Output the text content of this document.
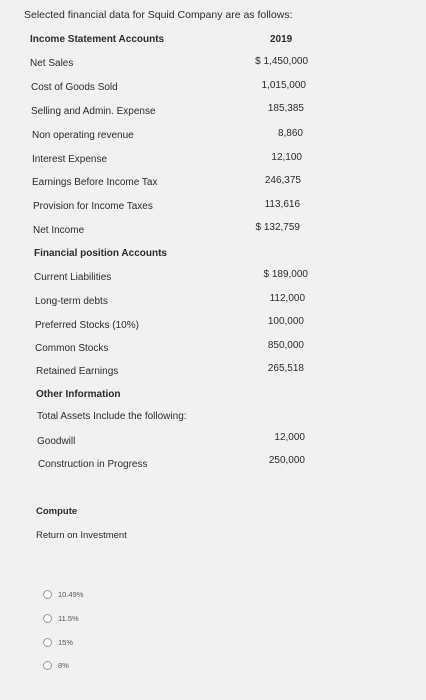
Selected financial data for Squid Company are as follows:
Income Statement Accounts	2019
Net Sales	$ 1,450,000
Cost of Goods Sold	1,015,000
Selling and Admin. Expense	185,385
Non operating revenue	8,860
Interest Expense	12,100
Earnings Before Income Tax	246,375
Provision for Income Taxes	113,616
Net Income	$ 132,759
Financial position Accounts
Current Liabilities	$ 189,000
Long-term debts	112,000
Preferred Stocks (10%)	100,000
Common Stocks	850,000
Retained Earnings	265,518
Other Information
Total Assets Include the following:
Goodwill	12,000
Construction in Progress	250,000
Compute
Return on Investment
10.49%
11.5%
15%
8%
